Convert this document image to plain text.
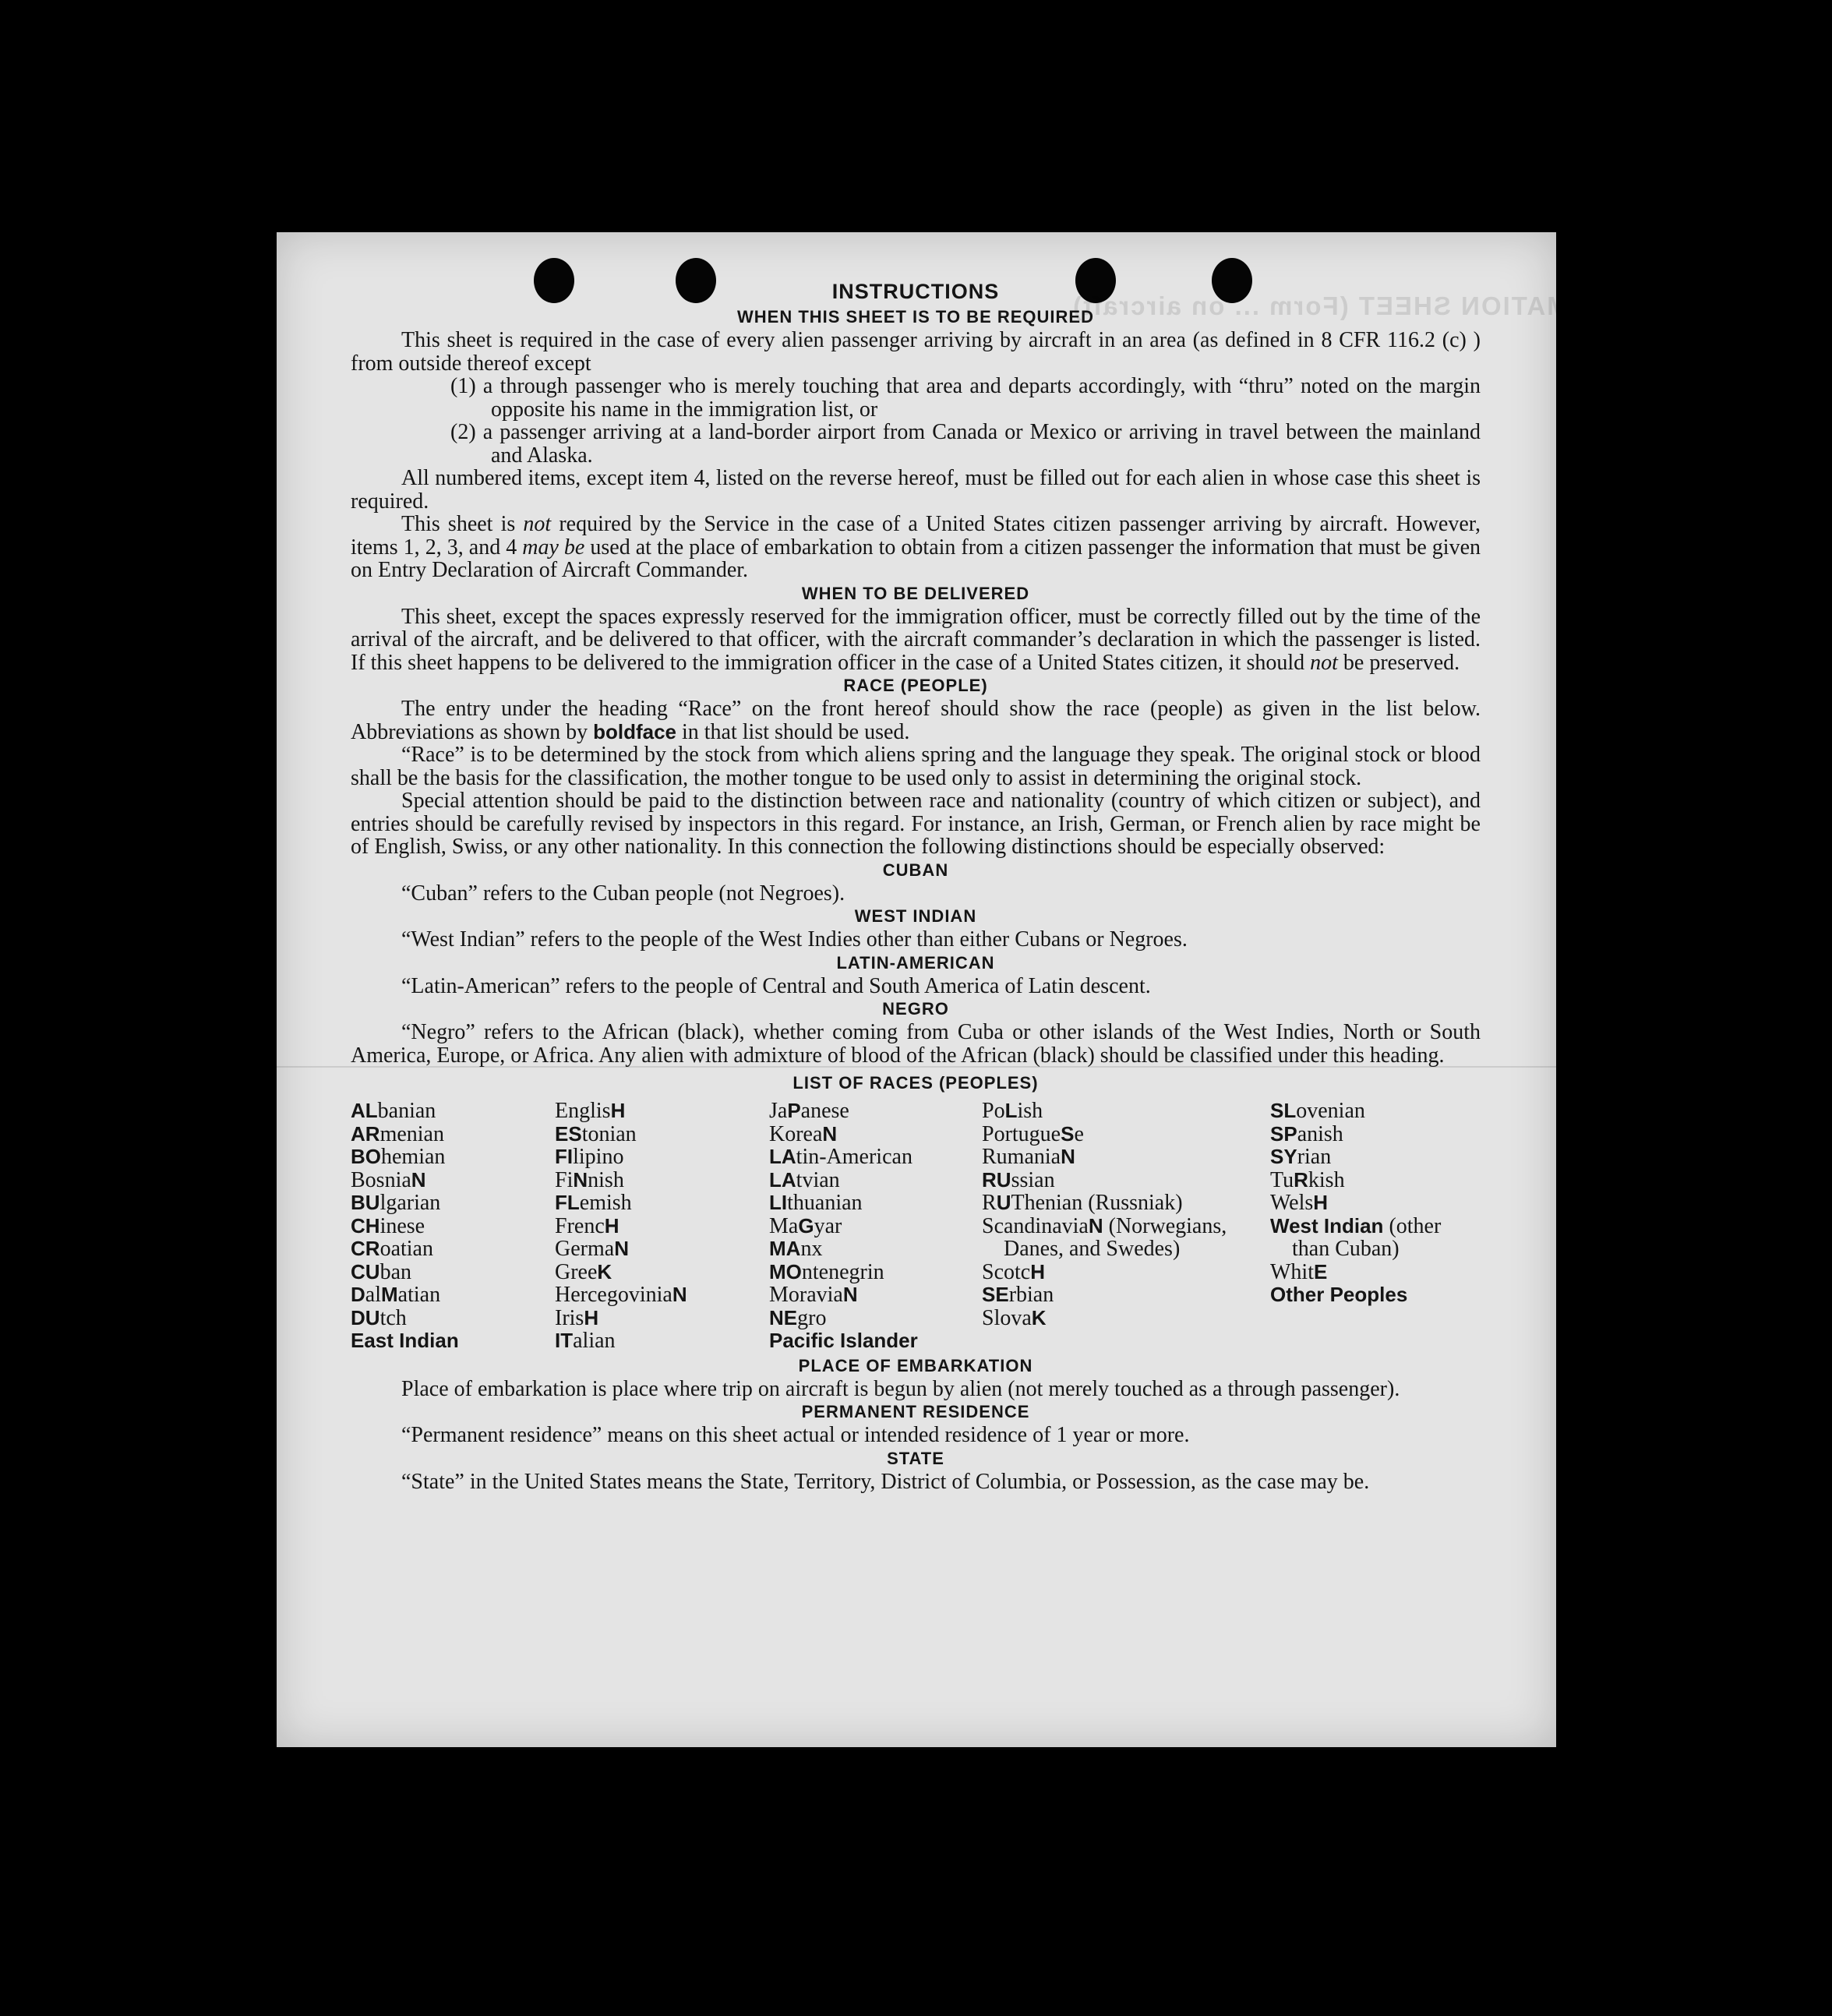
INFORMATION SHEET (Form ... on aircraft)
INSTRUCTIONS
WHEN THIS SHEET IS TO BE REQUIRED

This sheet is required in the case of every alien passenger arriving by aircraft in an area (as defined in 8 CFR 116.2 (c) ) from outside thereof except

(1) a through passenger who is merely touching that area and departs accordingly, with “thru” noted on the margin opposite his name in the immigration list, or
(2) a passenger arriving at a land-border airport from Canada or Mexico or arriving in travel between the mainland and Alaska.

All numbered items, except item 4, listed on the reverse hereof, must be filled out for each alien in whose case this sheet is required.

This sheet is not required by the Service in the case of a United States citizen passenger arriving by aircraft. However, items 1, 2, 3, and 4 may be used at the place of embarkation to obtain from a citizen passenger the information that must be given on Entry Declaration of Aircraft Commander.

WHEN TO BE DELIVERED

This sheet, except the spaces expressly reserved for the immigration officer, must be correctly filled out by the time of the arrival of the aircraft, and be delivered to that officer, with the aircraft commander’s declaration in which the passenger is listed. If this sheet happens to be delivered to the immigration officer in the case of a United States citizen, it should not be preserved.

RACE (PEOPLE)

The entry under the heading “Race” on the front hereof should show the race (people) as given in the list below. Abbreviations as shown by boldface in that list should be used.

“Race” is to be determined by the stock from which aliens spring and the language they speak. The original stock or blood shall be the basis for the classification, the mother tongue to be used only to assist in determining the original stock.

Special attention should be paid to the distinction between race and nationality (country of which citizen or subject), and entries should be carefully revised by inspectors in this regard. For instance, an Irish, German, or French alien by race might be of English, Swiss, or any other nationality. In this connection the following distinctions should be especially observed:

CUBAN
“Cuban” refers to the Cuban people (not Negroes).
WEST INDIAN
“West Indian” refers to the people of the West Indies other than either Cubans or Negroes.
LATIN-AMERICAN
“Latin-American” refers to the people of Central and South America of Latin descent.
NEGRO

“Negro” refers to the African (black), whether coming from Cuba or other islands of the West Indies, North or South America, Europe, or Africa. Any alien with admixture of blood of the African (black) should be classified under this heading.

LIST OF RACES (PEOPLES)
ALbanian
ARmenian
BOhemian
BosniaN
BUlgarian
CHinese
CRoatian
CUban
DalMatian
DUtch
East Indian
EnglisH
EStonian
FIlipino
FiNnish
FLemish
FrencH
GermaN
GreeK
HercegoviniaN
IrisH
ITalian
JaPanese
KoreaN
LAtin-American
LAtvian
LIthuanian
MaGyar
MAnx
MOntenegrin
MoraviaN
NEgro
Pacific Islander
PoLish
PortugueSe
RumaniaN
RUssian
RUThenian (Russniak)
ScandinaviaN (Norwegians, Danes, and Swedes)
ScotcH
SErbian
SlovaK
SLovenian
SPanish
SYrian
TuRkish
WelsH
West Indian (other than Cuban)
WhitE
Other Peoples
PLACE OF EMBARKATION

Place of embarkation is place where trip on aircraft is begun by alien (not merely touched as a through passenger).

PERMANENT RESIDENCE
“Permanent residence” means on this sheet actual or intended residence of 1 year or more.
STATE

“State” in the United States means the State, Territory, District of Columbia, or Possession, as the case may be.
